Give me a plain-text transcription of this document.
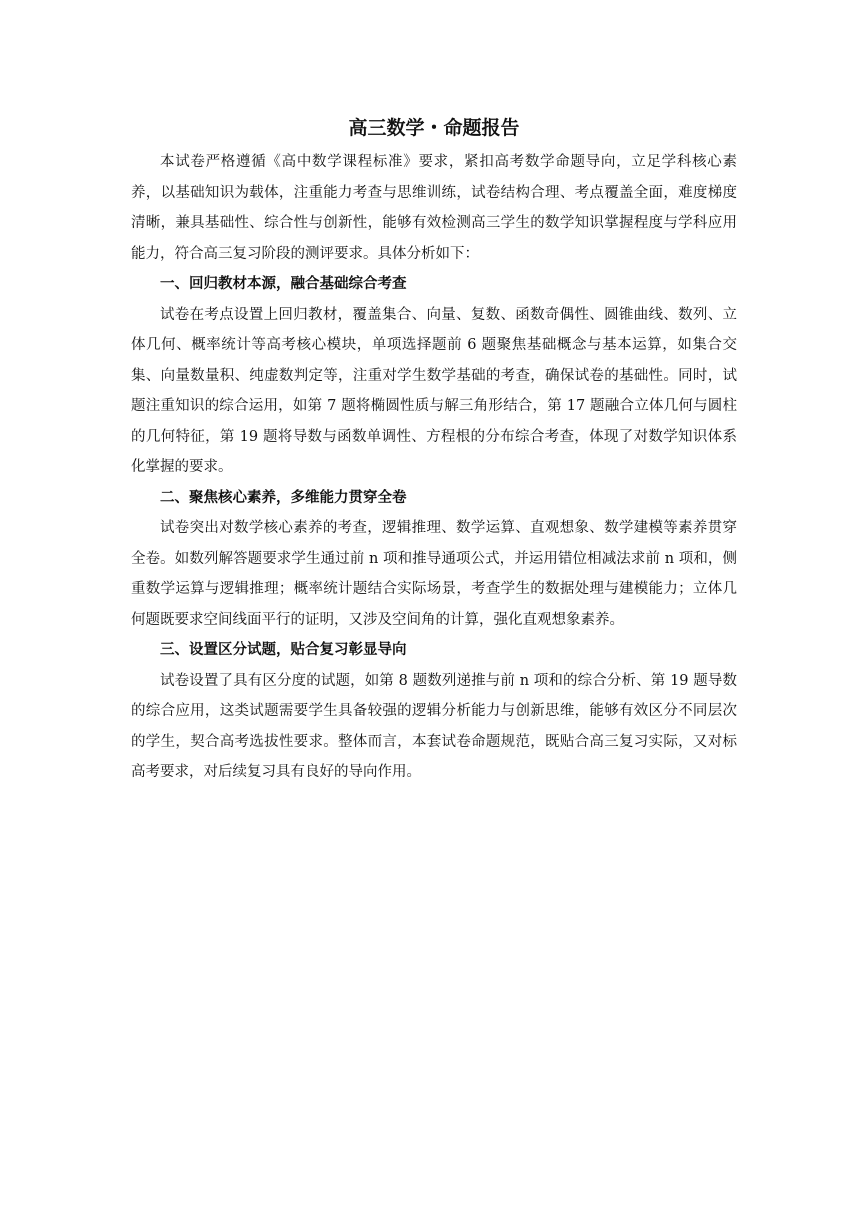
高三数学・命题报告

本试卷严格遵循《高中数学课程标准》要求，紧扣高考数学命题导向，立足学科核心素养，以基础知识为载体，注重能力考查与思维训练，试卷结构合理、考点覆盖全面，难度梯度清晰，兼具基础性、综合性与创新性，能够有效检测高三学生的数学知识掌握程度与学科应用能力，符合高三复习阶段的测评要求。具体分析如下：

一、回归教材本源，融合基础综合考查

试卷在考点设置上回归教材，覆盖集合、向量、复数、函数奇偶性、圆锥曲线、数列、立体几何、概率统计等高考核心模块，单项选择题前 6 题聚焦基础概念与基本运算，如集合交集、向量数量积、纯虚数判定等，注重对学生数学基础的考查，确保试卷的基础性。同时，试题注重知识的综合运用，如第 7 题将椭圆性质与解三角形结合，第 17 题融合立体几何与圆柱的几何特征，第 19 题将导数与函数单调性、方程根的分布综合考查，体现了对数学知识体系化掌握的要求。

二、聚焦核心素养，多维能力贯穿全卷

试卷突出对数学核心素养的考查，逻辑推理、数学运算、直观想象、数学建模等素养贯穿全卷。如数列解答题要求学生通过前 n 项和推导通项公式，并运用错位相减法求前 n 项和，侧重数学运算与逻辑推理；概率统计题结合实际场景，考查学生的数据处理与建模能力；立体几何题既要求空间线面平行的证明，又涉及空间角的计算，强化直观想象素养。

三、设置区分试题，贴合复习彰显导向

试卷设置了具有区分度的试题，如第 8 题数列递推与前 n 项和的综合分析、第 19 题导数的综合应用，这类试题需要学生具备较强的逻辑分析能力与创新思维，能够有效区分不同层次的学生，契合高考选拔性要求。整体而言，本套试卷命题规范，既贴合高三复习实际，又对标高考要求，对后续复习具有良好的导向作用。
